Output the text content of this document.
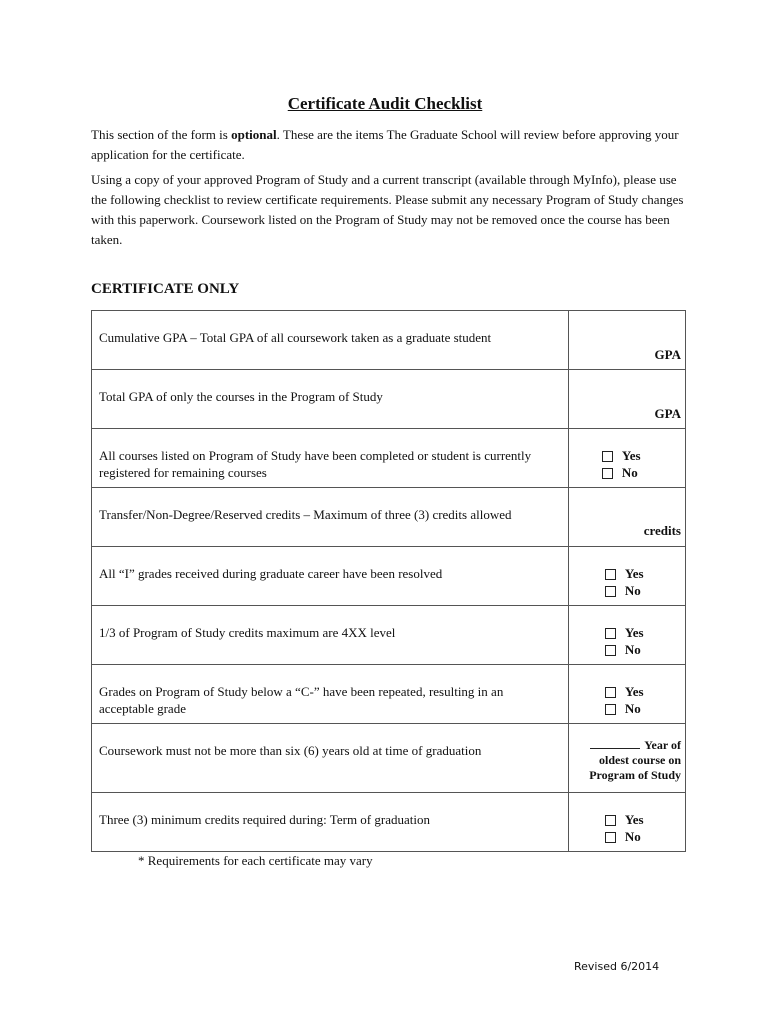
Certificate Audit Checklist
This section of the form is optional. These are the items The Graduate School will review before approving your application for the certificate.
Using a copy of your approved Program of Study and a current transcript (available through MyInfo), please use the following checklist to review certificate requirements. Please submit any necessary Program of Study changes with this paperwork. Coursework listed on the Program of Study may not be removed once the course has been taken.
CERTIFICATE ONLY
Cumulative GPA – Total GPA of all coursework taken as a graduate student	GPA

Total GPA of only the courses in the Program of Study	GPA

All courses listed on Program of Study have been completed or student is currently registered for remaining courses	Yes
No

Transfer/Non-Degree/Reserved credits – Maximum of three (3) credits allowed	credits

All “I” grades received during graduate career have been resolved	Yes
No

1/3 of Program of Study credits maximum are 4XX level	Yes
No

Grades on Program of Study below a “C-” have been repeated, resulting in an acceptable grade	Yes
No

Coursework must not be more than six (6) years old at time of graduation	Year of
oldest course on
Program of Study

Three (3) minimum credits required during: Term of graduation	Yes
No
* Requirements for each certificate may vary
Revised 6/2014
